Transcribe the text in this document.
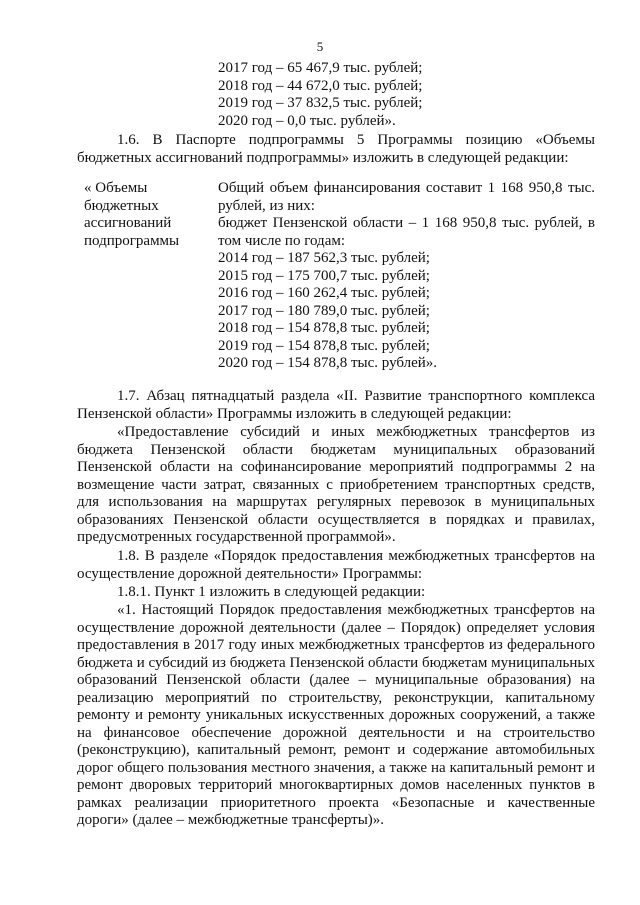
5
2017 год – 65 467,9 тыс. рублей;
2018 год – 44 672,0 тыс. рублей;
2019 год – 37 832,5 тыс. рублей;
2020 год – 0,0 тыс. рублей».

1.6. В Паспорте подпрограммы 5 Программы позицию «Объемы бюджетных ассигнований подпрограммы» изложить в следующей редакции:

« Объемы
бюджетных
ассигнований
подпрограммы
Общий объем финансирования составит 1 168 950,8 тыс. рублей, из них:
бюджет Пензенской области – 1 168 950,8 тыс. рублей, в том числе по годам:
2014 год – 187 562,3 тыс. рублей;
2015 год – 175 700,7 тыс. рублей;
2016 год – 160 262,4 тыс. рублей;
2017 год – 180 789,0 тыс. рублей;
2018 год – 154 878,8 тыс. рублей;
2019 год – 154 878,8 тыс. рублей;
2020 год – 154 878,8 тыс. рублей».

1.7. Абзац пятнадцатый раздела «II. Развитие транспортного комплекса Пензенской области» Программы изложить в следующей редакции:

«Предоставление субсидий и иных межбюджетных трансфертов из бюджета Пензенской области бюджетам муниципальных образований Пензенской области на софинансирование мероприятий подпрограммы 2 на возмещение части затрат, связанных с приобретением транспортных средств, для использования на маршрутах регулярных перевозок в муниципальных образованиях Пензенской области осуществляется в порядках и правилах, предусмотренных государственной программой».

1.8. В разделе «Порядок предоставления межбюджетных трансфертов на осуществление дорожной деятельности» Программы:

1.8.1. Пункт 1 изложить в следующей редакции:

«1. Настоящий Порядок предоставления межбюджетных трансфертов на осуществление дорожной деятельности (далее – Порядок) определяет условия предоставления в 2017 году иных межбюджетных трансфертов из федерального бюджета и субсидий из бюджета Пензенской области бюджетам муниципальных образований Пензенской области (далее – муниципальные образования) на реализацию мероприятий по строительству, реконструкции, капитальному ремонту и ремонту уникальных искусственных дорожных сооружений, а также на финансовое обеспечение дорожной деятельности и на строительство (реконструкцию), капитальный ремонт, ремонт и содержание автомобильных дорог общего пользования местного значения, а также на капитальный ремонт и ремонт дворовых территорий многоквартирных домов населенных пунктов в рамках реализации приоритетного проекта «Безопасные и качественные дороги» (далее – межбюджетные трансферты)».
